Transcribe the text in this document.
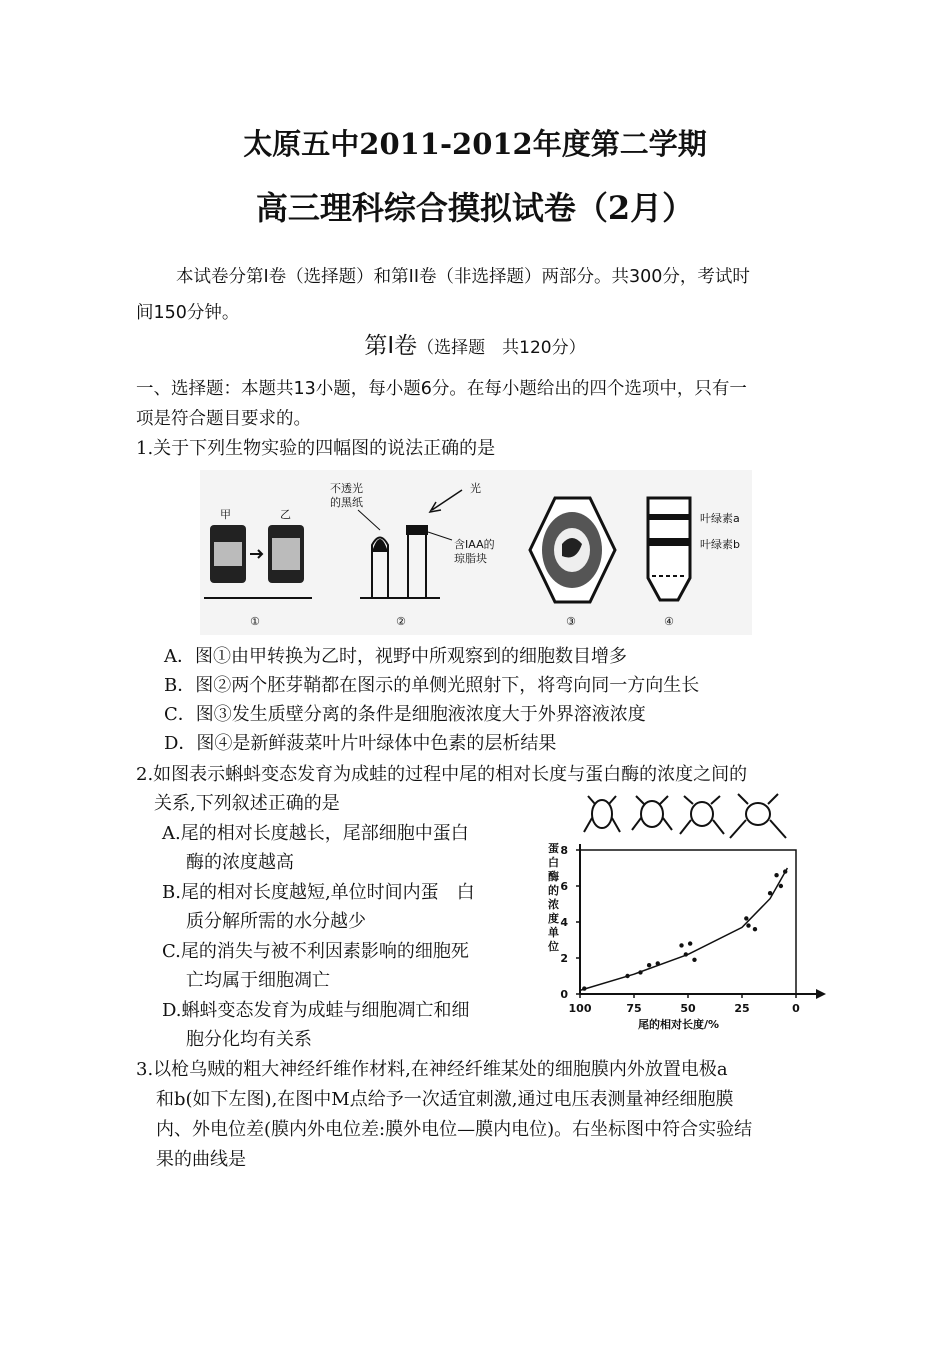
太原五中2011-2012年度第二学期
高三理科综合摸拟试卷（2月）
本试卷分第Ⅰ卷（选择题）和第II卷（非选择题）两部分。共300分，考试时
间150分钟。
第Ⅰ卷（选择题　共120分）
一、选择题：本题共13小题，每小题6分。在每小题给出的四个选项中，只有一
项是符合题目要求的。
1.关于下列生物实验的四幅图的说法正确的是
甲	乙
①
不透光
的黑纸
光
含IAA的
琼脂块
②	③
叶绿素a
叶绿素b
④
A．图①由甲转换为乙时，视野中所观察到的细胞数目增多
B．图②两个胚芽鞘都在图示的单侧光照射下，将弯向同一方向生长
C．图③发生质壁分离的条件是细胞液浓度大于外界溶液浓度
D．图④是新鲜菠菜叶片叶绿体中色素的层析结果
2.如图表示蝌蚪变态发育为成蛙的过程中尾的相对长度与蛋白酶的浓度之间的
关系,下列叙述正确的是
A.尾的相对长度越长，尾部细胞中蛋白
酶的浓度越高
B.尾的相对长度越短,单位时间内蛋　白
质分解所需的水分越少
C.尾的消失与被不利因素影响的细胞死
亡均属于细胞凋亡
D.蝌蚪变态发育为成蛙与细胞凋亡和细
胞分化均有关系
蛋白酶的浓度单位
0
2
4
6
8
100	75	50	25	0
尾的相对长度/%
3.以枪乌贼的粗大神经纤维作材料,在神经纤维某处的细胞膜内外放置电极a
和b(如下左图),在图中M点给予一次适宜刺激,通过电压表测量神经细胞膜
内、外电位差(膜内外电位差:膜外电位—膜内电位)。右坐标图中符合实验结
果的曲线是
